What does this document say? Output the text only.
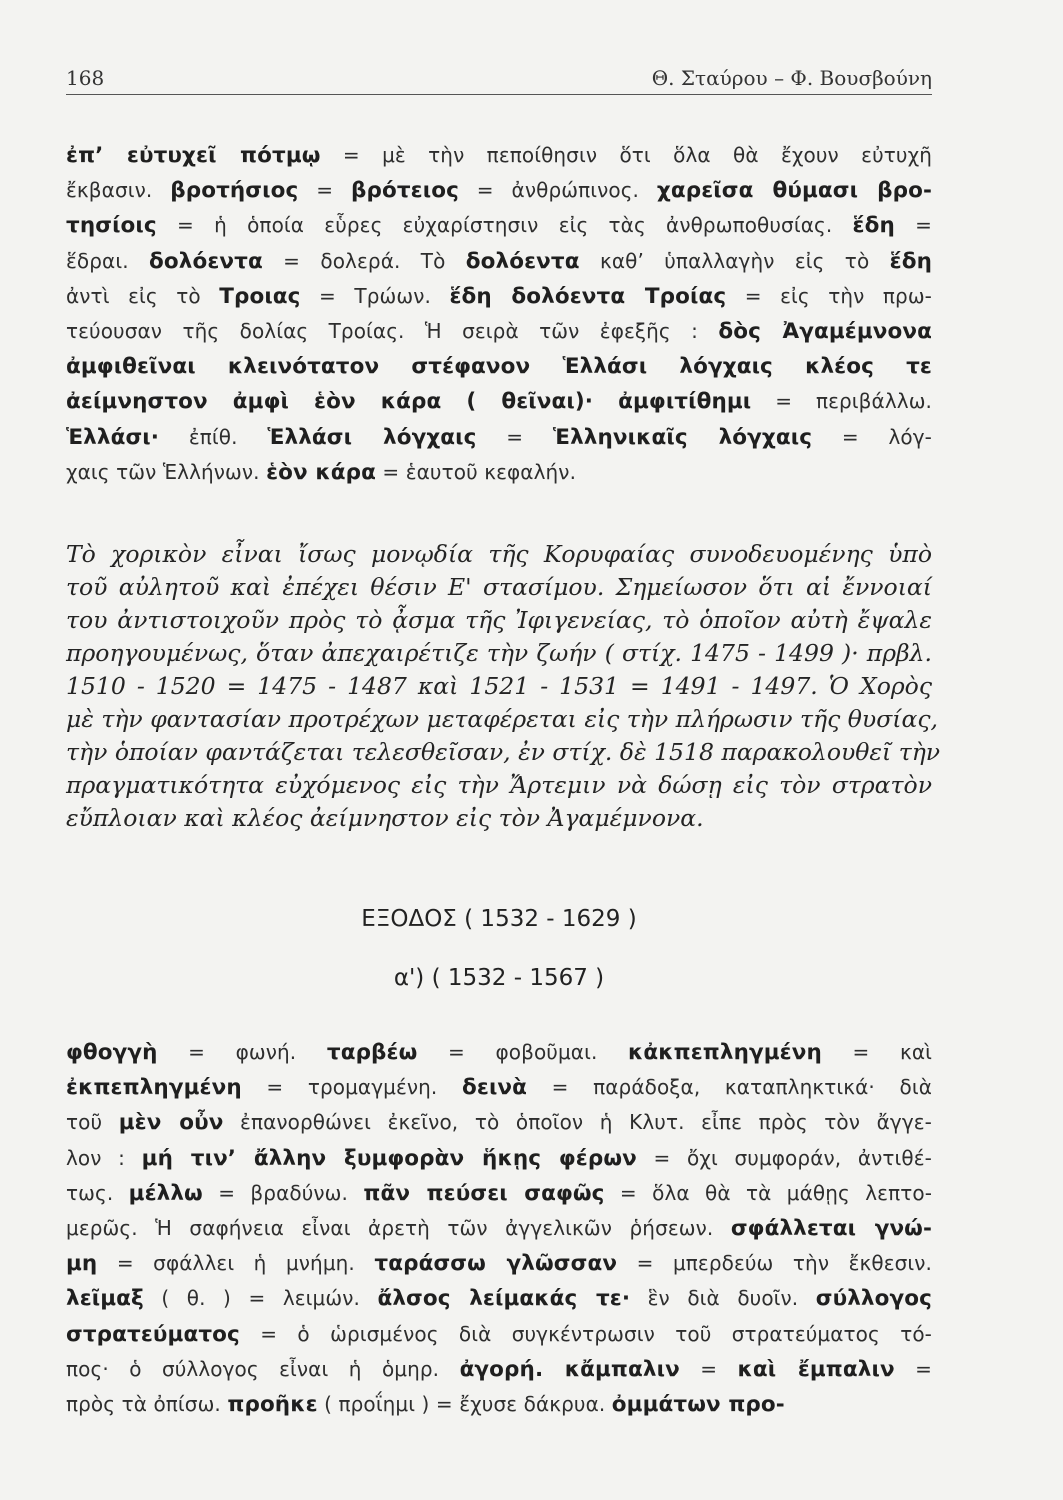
168	Θ. Σταύρου – Φ. Βουσβούνη
ἐπ’ εὐτυχεῖ πότμῳ = μὲ τὴν πεποίθησιν ὅτι ὅλα θὰ ἔχουν εὐτυχῆ
ἔκβασιν. βροτήσιος = βρότειος = ἀνθρώπινος. χαρεῖσα θύμασι βρο-
τησίοις = ἡ ὁποία εὗρες εὐχαρίστησιν εἰς τὰς ἀνθρωποθυσίας. ἕδη =
ἕδραι. δολόεντα = δολερά. Τὸ δολόεντα καθ’ ὑπαλλαγὴν εἰς τὸ ἕδη
ἀντὶ εἰς τὸ Τροιας = Τρώων. ἕδη δολόεντα Τροίας = εἰς τὴν πρω-
τεύουσαν τῆς δολίας Τροίας. Ἡ σειρὰ τῶν ἐφεξῆς : δὸς Ἀγαμέμνονα
ἀμφιθεῖναι κλεινότατον στέφανον Ἑλλάσι λόγχαις κλέος τε
ἀείμνηστον ἀμφὶ ἑὸν κάρα ( θεῖναι)· ἀμφιτίθημι = περιβάλλω.
Ἑλλάσι· ἐπίθ. Ἑλλάσι λόγχαις = Ἑλληνικαῖς λόγχαις = λόγ-
χαις τῶν Ἑλλήνων. ἑὸν κάρα = ἑαυτοῦ κεφαλήν.
Τὸ χορικὸν εἶναι ἴσως μονῳδία τῆς Κορυφαίας συνοδευομένης ὑπὸ
τοῦ αὐλητοῦ καὶ ἐπέχει θέσιν Ε' στασίμου. Σημείωσον ὅτι αἱ ἔννοιαί
του ἀντιστοιχοῦν πρὸς τὸ ᾆσμα τῆς Ἰφιγενείας, τὸ ὁποῖον αὐτὴ ἔψαλε
προηγουμένως, ὅταν ἀπεχαιρέτιζε τὴν ζωήν ( στίχ. 1475 - 1499 )· πρβλ.
1510 - 1520 = 1475 - 1487 καὶ 1521 - 1531 = 1491 - 1497. Ὁ Χορὸς
μὲ τὴν φαντασίαν προτρέχων μεταφέρεται εἰς τὴν πλήρωσιν τῆς θυσίας,
τὴν ὁποίαν φαντάζεται τελεσθεῖσαν, ἐν στίχ. δὲ 1518 παρακολουθεῖ τὴν
πραγματικότητα εὐχόμενος εἰς τὴν Ἄρτεμιν νὰ δώσῃ εἰς τὸν στρατὸν
εὔπλοιαν καὶ κλέος ἀείμνηστον εἰς τὸν Ἀγαμέμνονα.
ΕΞΟΔΟΣ ( 1532 - 1629 )
α') ( 1532 - 1567 )
φθογγὴ = φωνή. ταρβέω = φοβοῦμαι. κἀκπεπληγμένη = καὶ
ἐκπεπληγμένη = τρομαγμένη. δεινὰ = παράδοξα, καταπληκτικά· διὰ
τοῦ μὲν οὖν ἐπανορθώνει ἐκεῖνο, τὸ ὁποῖον ἡ Κλυτ. εἶπε πρὸς τὸν ἄγγε-
λον : μή τιν’ ἄλλην ξυμφορὰν ἥκῃς φέρων = ὄχι συμφοράν, ἀντιθέ-
τως. μέλλω = βραδύνω. πᾶν πεύσει σαφῶς = ὅλα θὰ τὰ μάθῃς λεπτο-
μερῶς. Ἡ σαφήνεια εἶναι ἀρετὴ τῶν ἀγγελικῶν ῥήσεων. σφάλλεται γνώ-
μη = σφάλλει ἡ μνήμη. ταράσσω γλῶσσαν = μπερδεύω τὴν ἔκθεσιν.
λεῖμαξ ( θ. ) = λειμών. ἄλσος λείμακάς τε· ἓν διὰ δυοῖν. σύλλογος
στρατεύματος = ὁ ὡρισμένος διὰ συγκέντρωσιν τοῦ στρατεύματος τό-
πος· ὁ σύλλογος εἶναι ἡ ὁμηρ. ἀγορή. κἄμπαλιν = καὶ ἔμπαλιν =
πρὸς τὰ ὀπίσω. προῆκε ( προΐημι ) = ἔχυσε δάκρυα. ὀμμάτων προ-
